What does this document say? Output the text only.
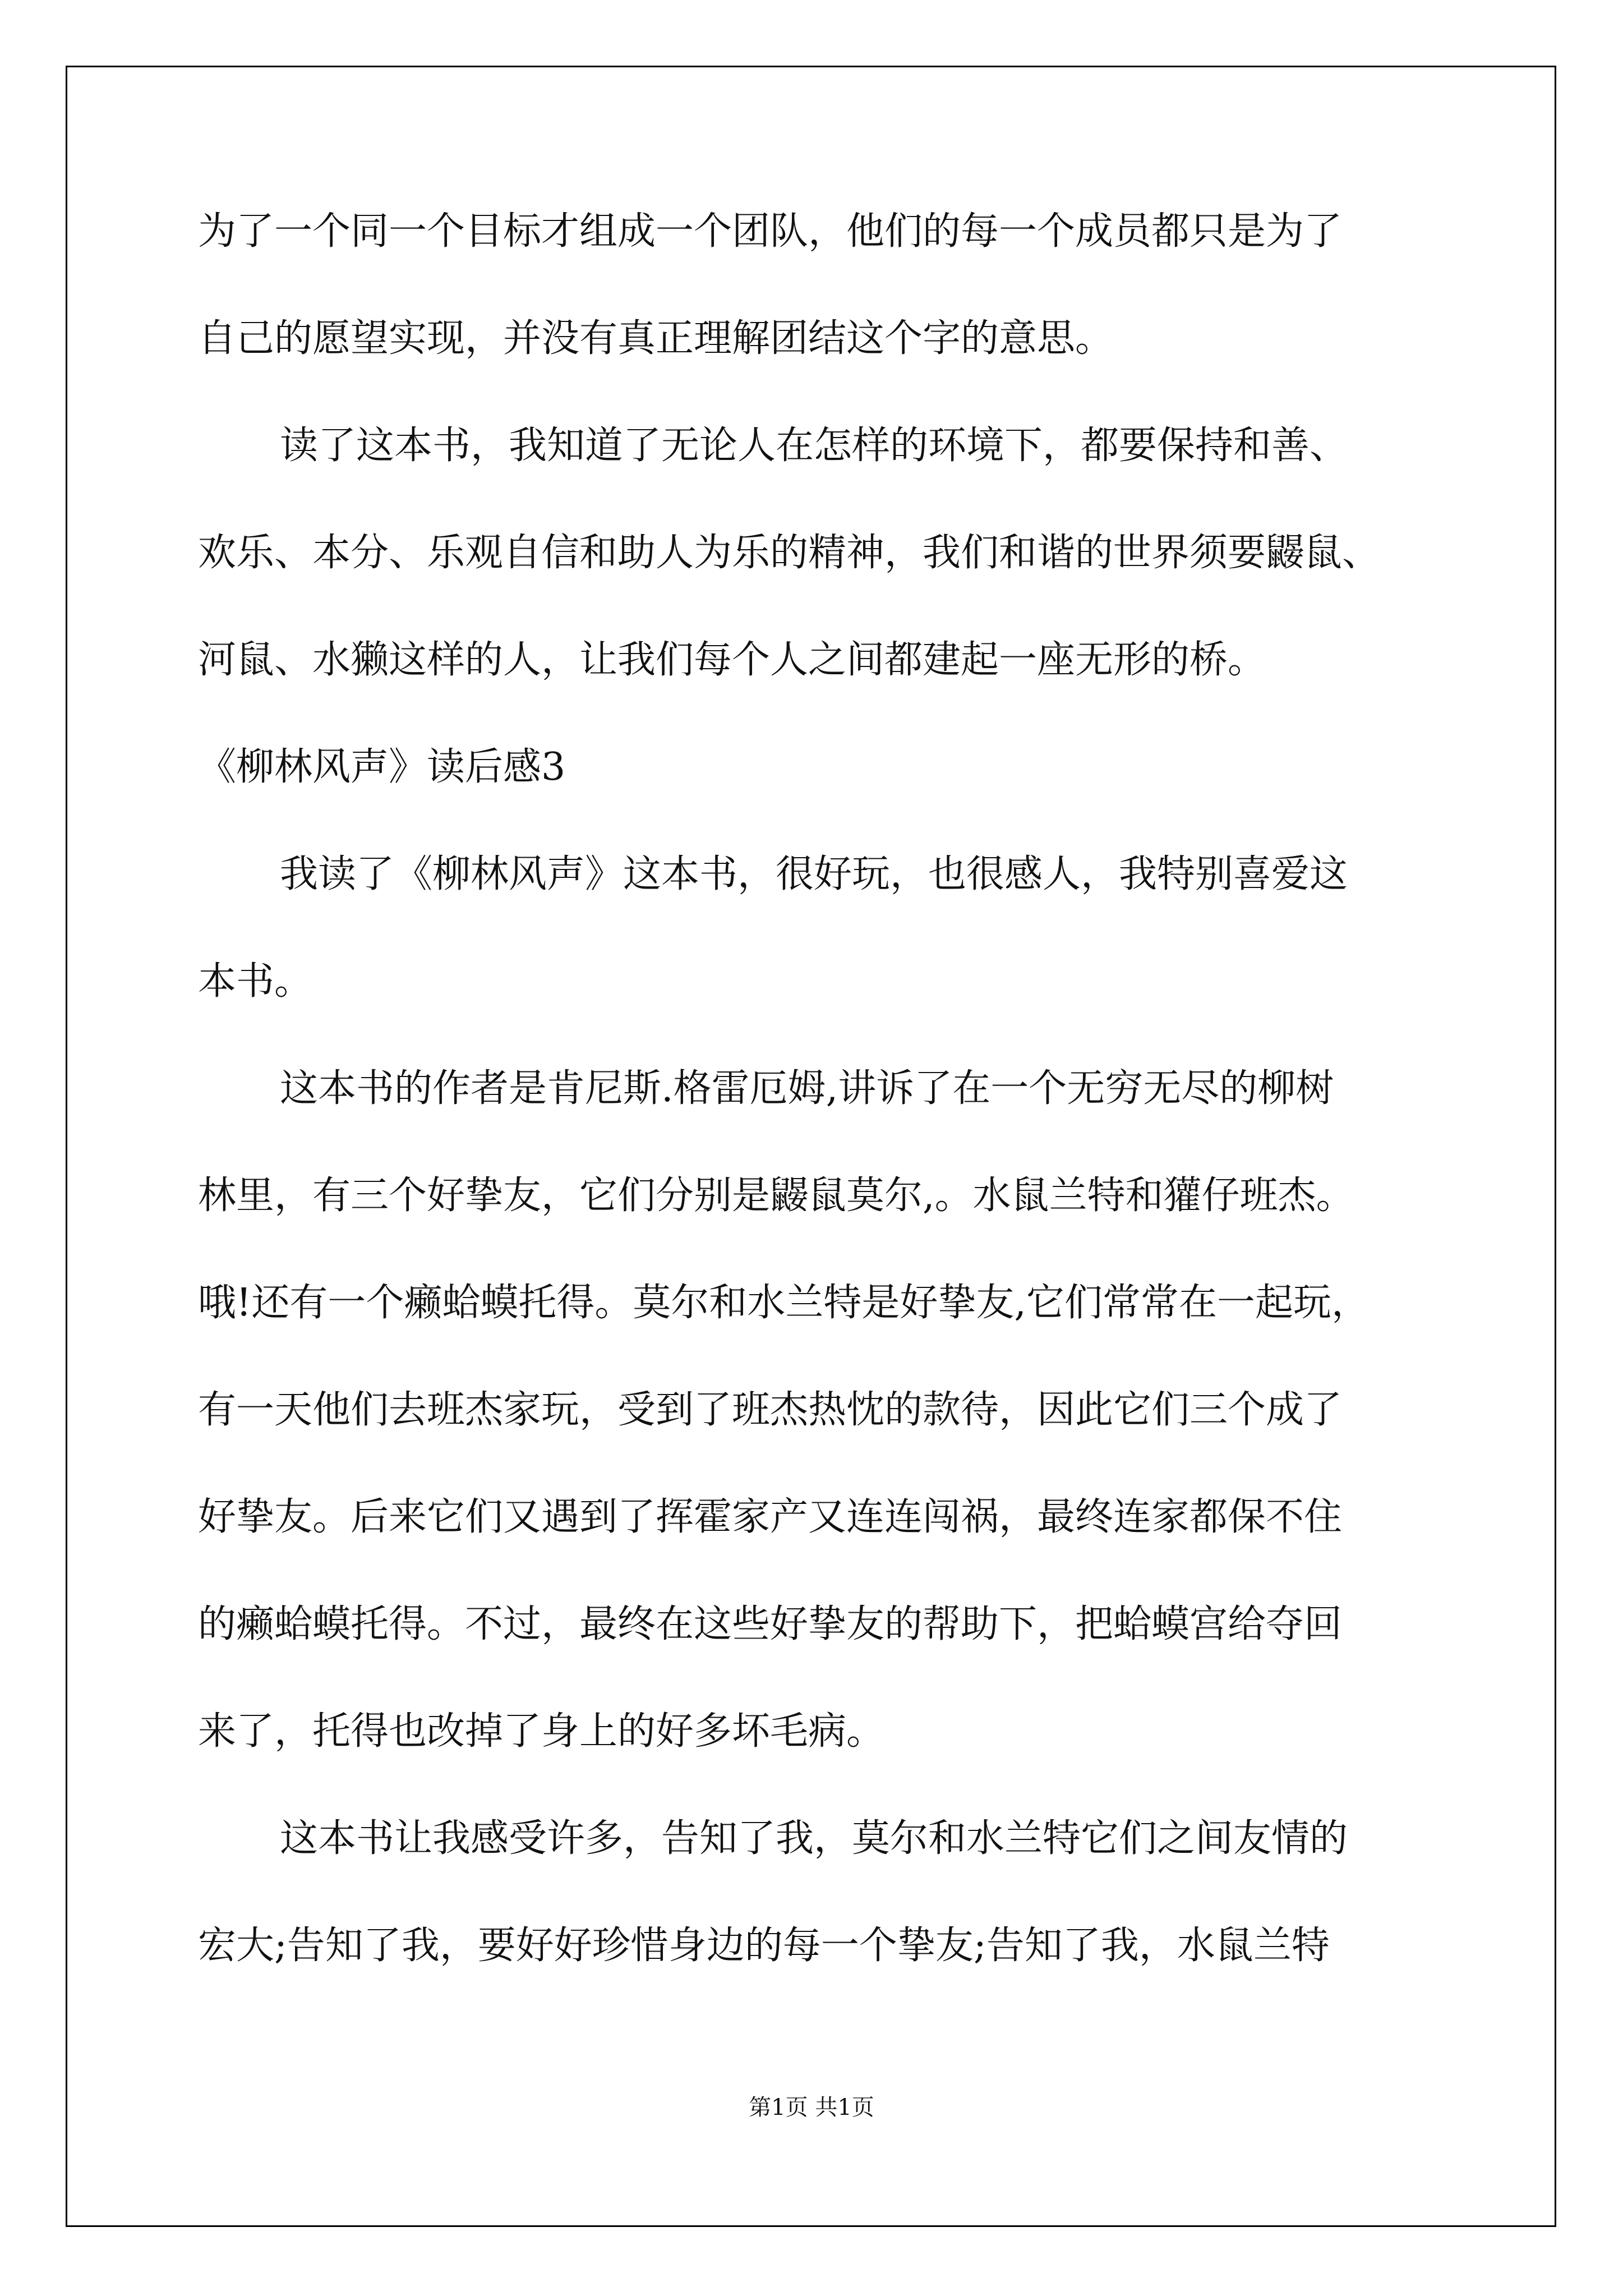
为了一个同一个目标才组成一个团队，他们的每一个成员都只是为了

自己的愿望实现，并没有真正理解团结这个字的意思。

读了这本书，我知道了无论人在怎样的环境下，都要保持和善、

欢乐、本分、乐观自信和助人为乐的精神，我们和谐的世界须要鼹鼠、

河鼠、水獭这样的人，让我们每个人之间都建起一座无形的桥。

《柳林风声》读后感3

我读了《柳林风声》这本书，很好玩，也很感人，我特别喜爱这

本书。

这本书的作者是肯尼斯.格雷厄姆,讲诉了在一个无穷无尽的柳树

林里，有三个好挚友，它们分别是鼹鼠莫尔,。水鼠兰特和獾仔班杰。

哦!还有一个癞蛤蟆托得。莫尔和水兰特是好挚友,它们常常在一起玩，

有一天他们去班杰家玩，受到了班杰热忱的款待，因此它们三个成了

好挚友。后来它们又遇到了挥霍家产又连连闯祸，最终连家都保不住

的癞蛤蟆托得。不过，最终在这些好挚友的帮助下，把蛤蟆宫给夺回

来了，托得也改掉了身上的好多坏毛病。

这本书让我感受许多，告知了我，莫尔和水兰特它们之间友情的

宏大;告知了我，要好好珍惜身边的每一个挚友;告知了我，水鼠兰特

第1页 共1页
